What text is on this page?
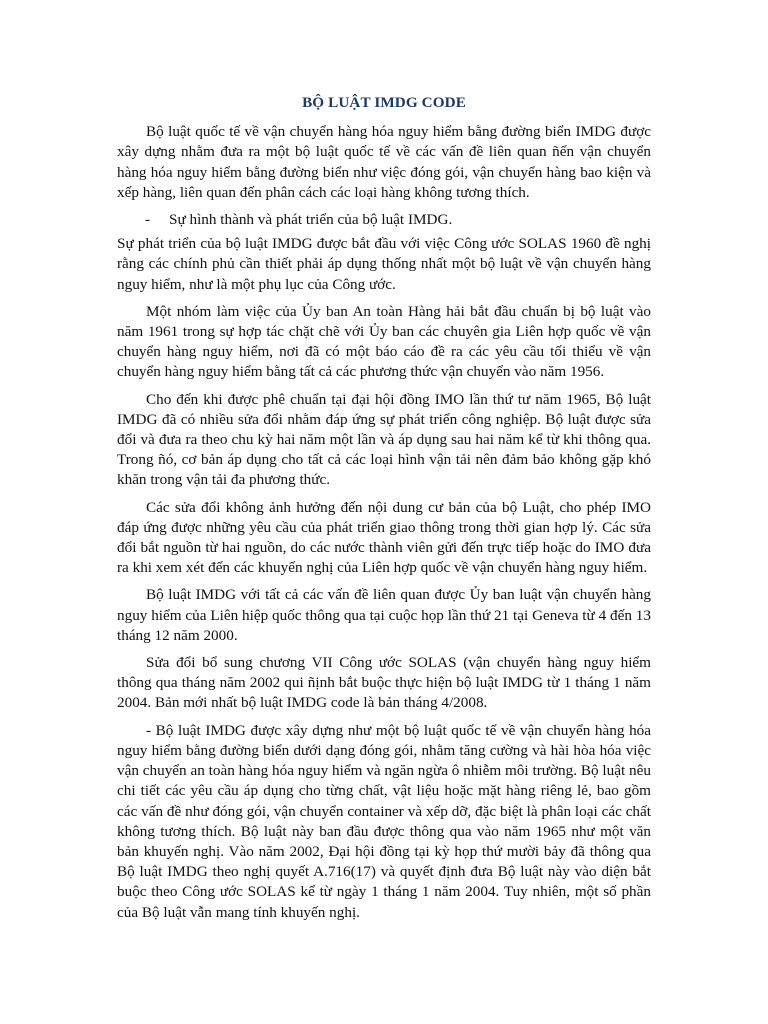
BỘ LUẬT IMDG CODE

Bộ luật quốc tế về vận chuyển hàng hóa nguy hiểm bằng đường biển IMDG được xây dựng nhằm đưa ra một bộ luật quốc tế về các vấn đề liên quan ñến vận chuyển hàng hóa nguy hiểm bằng đường biển như việc đóng gói, vận chuyển hàng bao kiện và xếp hàng, liên quan đến phân cách các loại hàng không tương thích.

- Sự hình thành và phát triển của bộ luật IMDG.

Sự phát triển của bộ luật IMDG được bắt đầu với việc Công ước SOLAS 1960 đề nghị rằng các chính phủ cần thiết phải áp dụng thống nhất một bộ luật về vận chuyển hàng nguy hiểm, như là một phụ lục của Công ước.

Một nhóm làm việc của Ủy ban An toàn Hàng hải bắt đầu chuẩn bị bộ luật vào năm 1961 trong sự hợp tác chặt chẽ với Ủy ban các chuyên gia Liên hợp quốc về vận chuyển hàng nguy hiểm, nơi đã có một báo cáo đề ra các yêu cầu tối thiểu về vận chuyển hàng nguy hiểm bằng tất cả các phương thức vận chuyển vào năm 1956.

Cho đến khi được phê chuẩn tại đại hội đồng IMO lần thứ tư năm 1965, Bộ luật IMDG đã có nhiều sửa đổi nhằm đáp ứng sự phát triển công nghiệp. Bộ luật được sửa đổi và đưa ra theo chu kỳ hai năm một lần và áp dụng sau hai năm kể từ khi thông qua. Trong ñó, cơ bản áp dụng cho tất cả các loại hình vận tải nên đảm bảo không gặp khó khăn trong vận tải đa phương thức.

Các sửa đổi không ảnh hưởng đến nội dung cư bản của bộ Luật, cho phép IMO đáp ứng được những yêu cầu của phát triển giao thông trong thời gian hợp lý. Các sửa đổi bắt nguồn từ hai nguồn, do các nước thành viên gửi đến trực tiếp hoặc do IMO đưa ra khi xem xét đến các khuyến nghị của Liên hợp quốc về vận chuyển hàng nguy hiểm.

Bộ luật IMDG với tất cả các vấn đề liên quan được Ủy ban luật vận chuyển hàng nguy hiểm của Liên hiệp quốc thông qua tại cuộc họp lần thứ 21 tại Geneva từ 4 đến 13 tháng 12 năm 2000.

Sửa đổi bổ sung chương VII Công ước SOLAS (vận chuyển hàng nguy hiểm thông qua tháng năm 2002 qui ñịnh bắt buộc thực hiện bộ luật IMDG từ 1 tháng 1 năm 2004. Bản mới nhất bộ luật IMDG code là bản tháng 4/2008.

- Bộ luật IMDG được xây dựng như một bộ luật quốc tế về vận chuyển hàng hóa nguy hiểm bằng đường biển dưới dạng đóng gói, nhằm tăng cường và hài hòa hóa việc vận chuyển an toàn hàng hóa nguy hiểm và ngăn ngừa ô nhiễm môi trường. Bộ luật nêu chi tiết các yêu cầu áp dụng cho từng chất, vật liệu hoặc mặt hàng riêng lẻ, bao gồm các vấn đề như đóng gói, vận chuyển container và xếp dỡ, đặc biệt là phân loại các chất không tương thích. Bộ luật này ban đầu được thông qua vào năm 1965 như một văn bản khuyến nghị. Vào năm 2002, Đại hội đồng tại kỳ họp thứ mười bảy đã thông qua Bộ luật IMDG theo nghị quyết A.716(17) và quyết định đưa Bộ luật này vào diện bắt buộc theo Công ước SOLAS kể từ ngày 1 tháng 1 năm 2004. Tuy nhiên, một số phần của Bộ luật vẫn mang tính khuyến nghị.
